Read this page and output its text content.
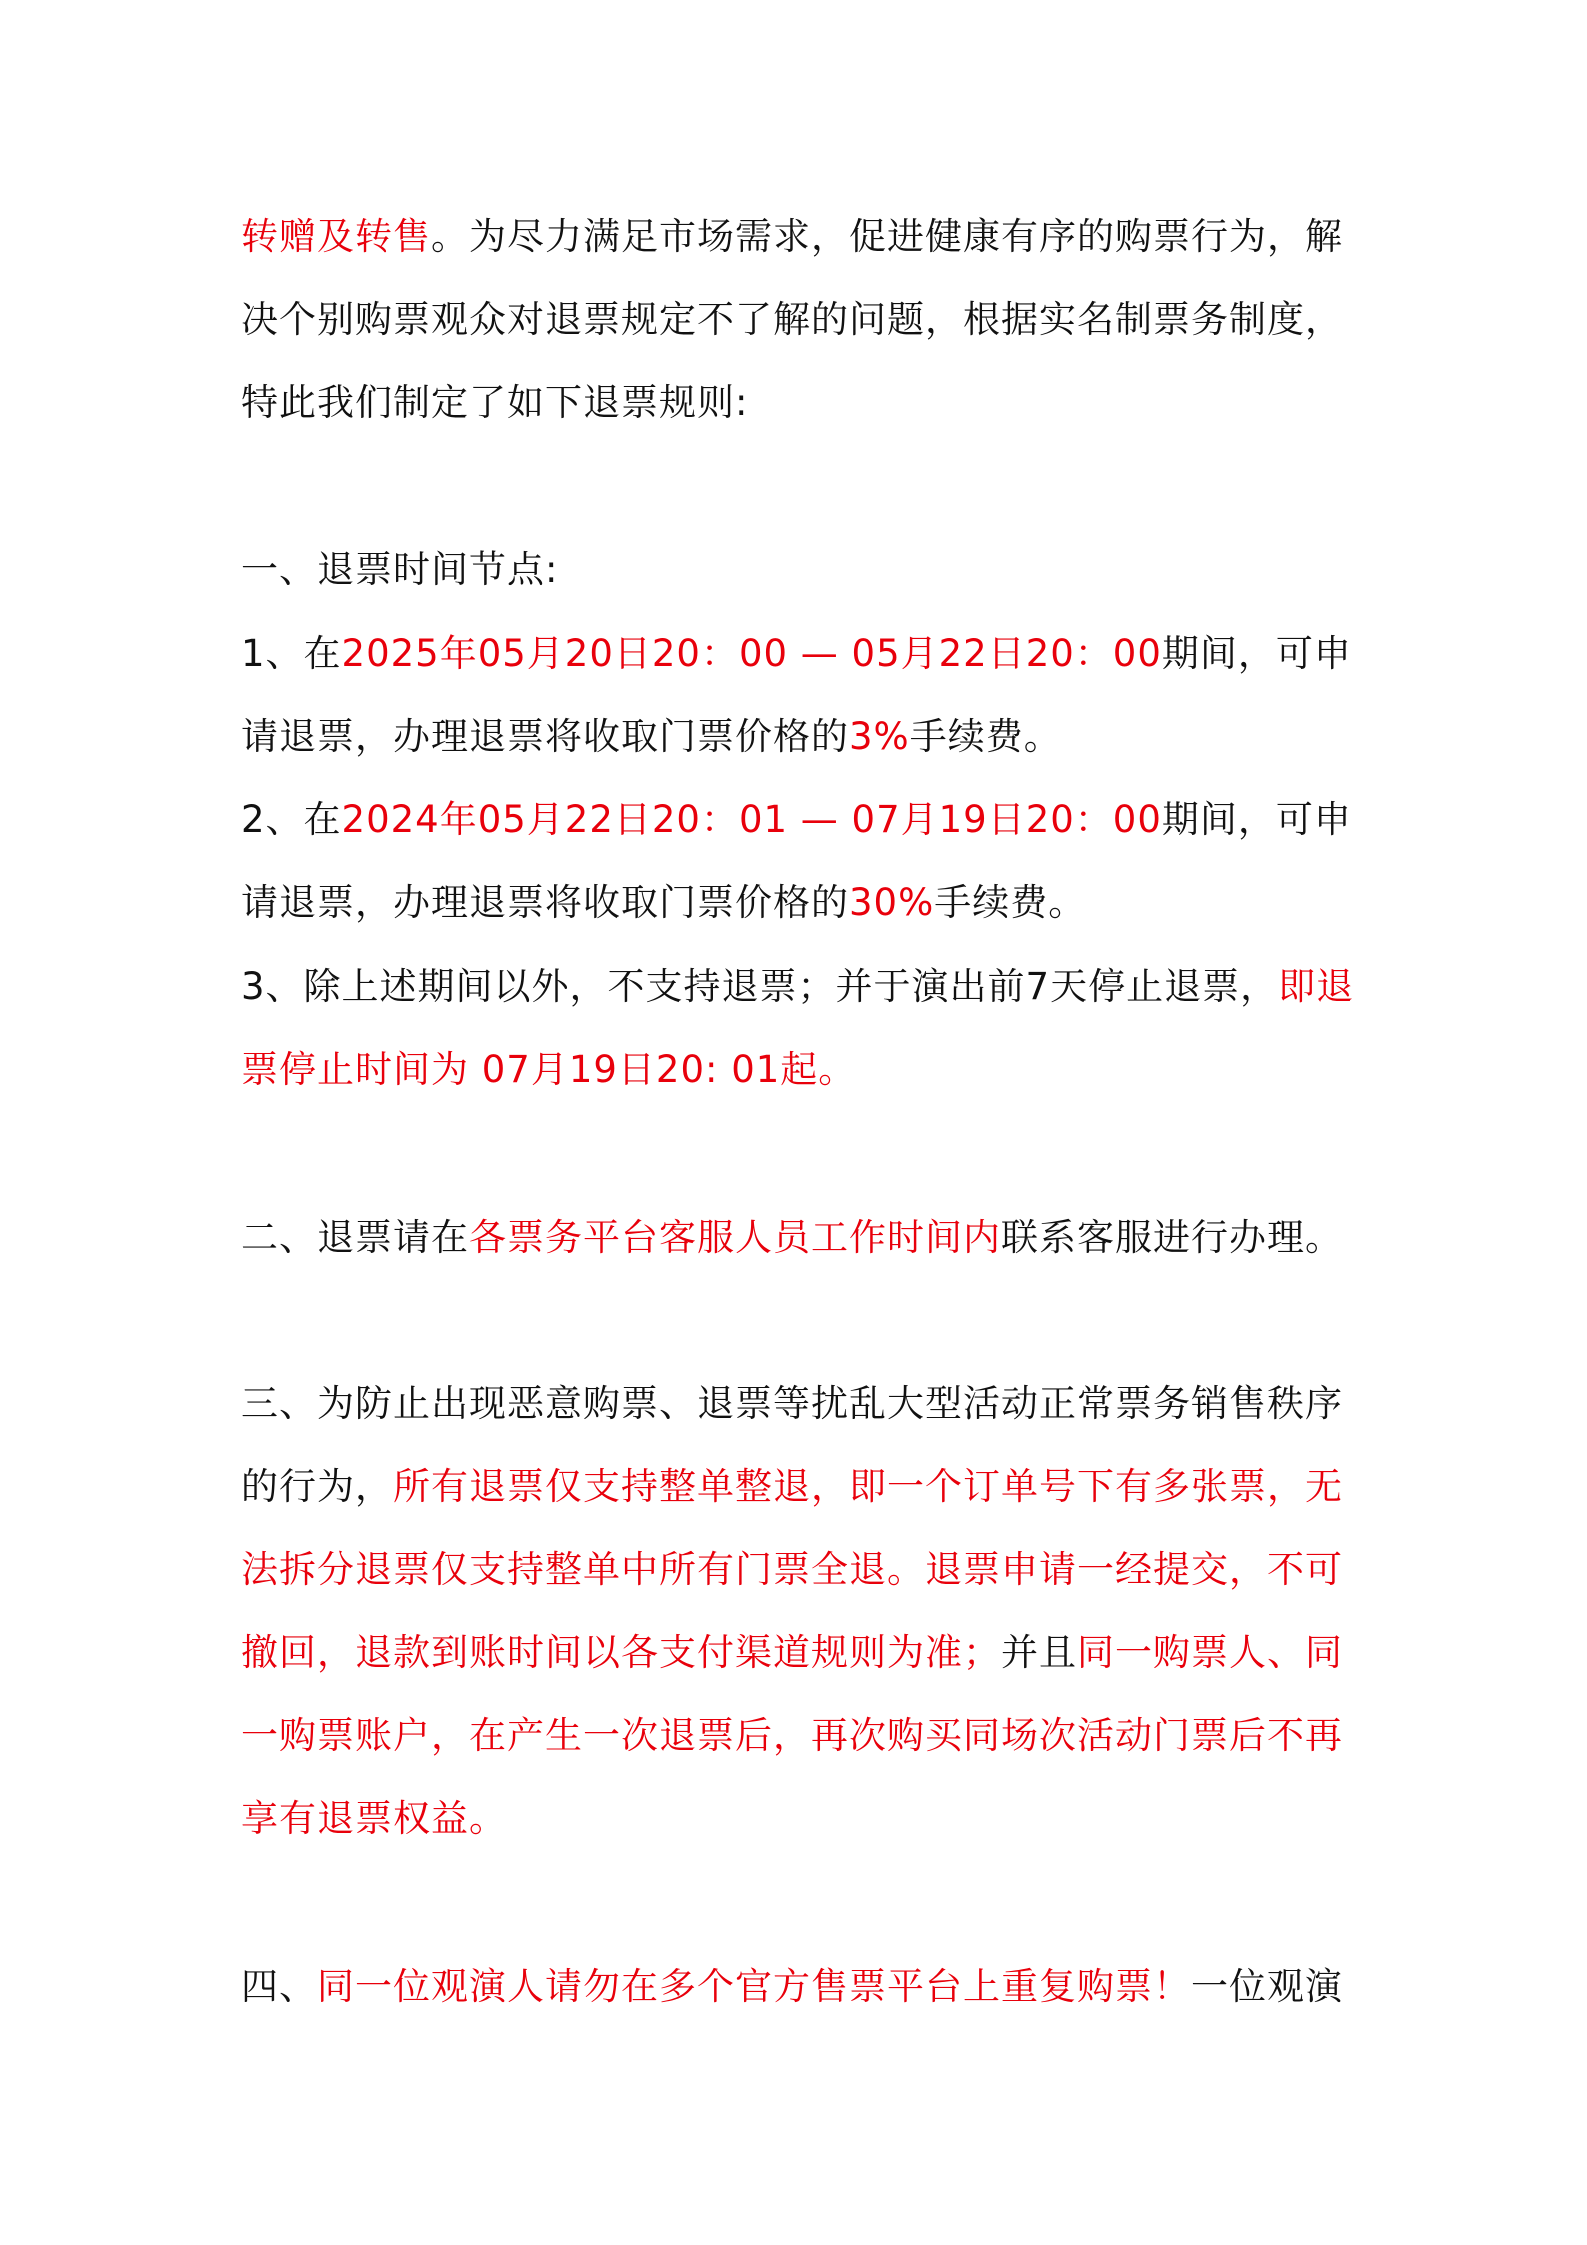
转赠及转售。为尽力满足市场需求，促进健康有序的购票行为，解决个别购票观众对退票规定不了解的问题，根据实名制票务制度，特此我们制定了如下退票规则:
一、退票时间节点:
1、在2025年05月20日20：00 — 05月22日20：00期间，可申请退票，办理退票将收取门票价格的3%手续费。
2、在2024年05月22日20：01 — 07月19日20：00期间，可申请退票，办理退票将收取门票价格的30%手续费。
3、除上述期间以外，不支持退票；并于演出前7天停止退票，即退票停止时间为 07月19日20: 01起。
二、退票请在各票务平台客服人员工作时间内联系客服进行办理。
三、为防止出现恶意购票、退票等扰乱大型活动正常票务销售秩序的行为，所有退票仅支持整单整退，即一个订单号下有多张票，无法拆分退票仅支持整单中所有门票全退。退票申请一经提交，不可撤回，退款到账时间以各支付渠道规则为准；并且同一购票人、同一购票账户，在产生一次退票后，再次购买同场次活动门票后不再享有退票权益。
四、同一位观演人请勿在多个官方售票平台上重复购票！一位观演
